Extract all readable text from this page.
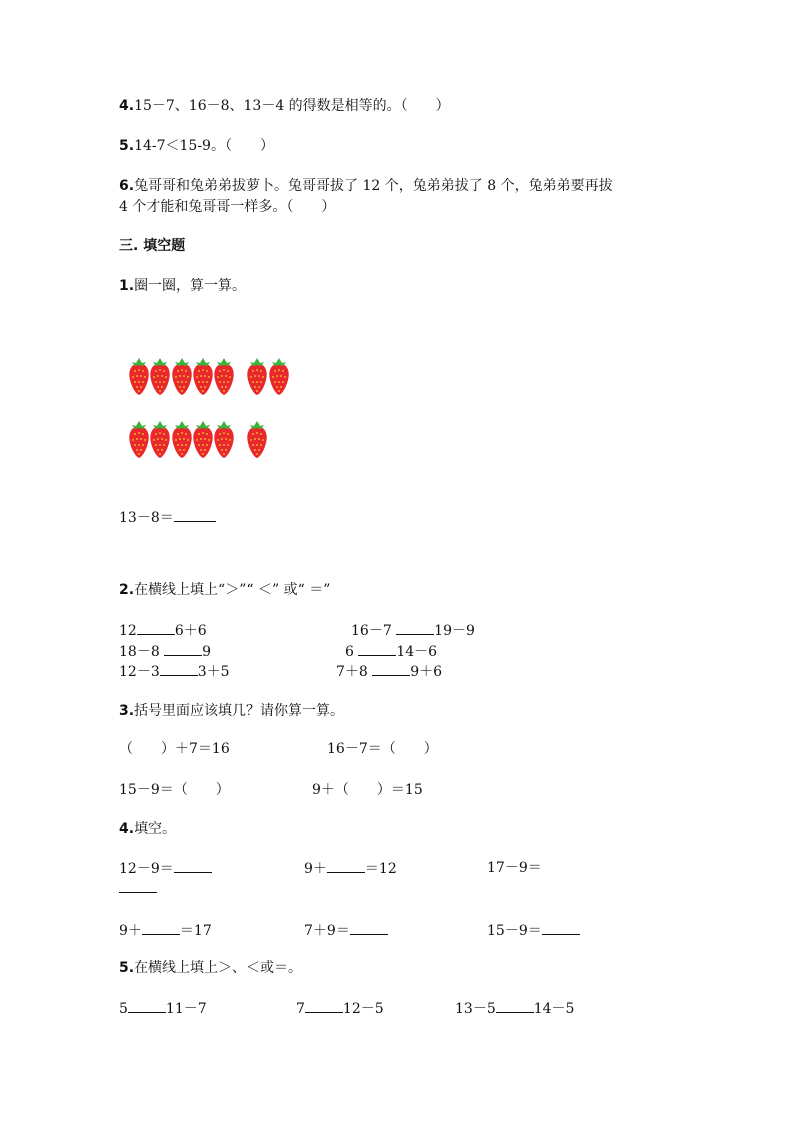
4.15－7、16－8、13－4 的得数是相等的。（　　）
5.14-7＜15-9。（　　）
6.兔哥哥和兔弟弟拔萝卜。兔哥哥拔了 12 个，兔弟弟拔了 8 个，兔弟弟要再拔
4 个才能和兔哥哥一样多。（　　）
三. 填空题
1.圈一圈，算一算。
13－8＝
2.在横线上填上“＞”“ ＜” 或“ ＝”
12	6＋6	16－7	19－9
18－8	9	6	14－6
12－3	3＋5	7＋8	9＋6
3.括号里面应该填几？请你算一算。
（　　）＋7＝16	16－7＝（　　）
15－9＝（　　）	9＋（　　）＝15
4.填空。
12－9＝	9＋	＝12	17－9＝
9＋	＝17	7＋9＝	15－9＝
5.在横线上填上＞、＜或＝。
5	11－7	7	12－5	13－5	14－5
